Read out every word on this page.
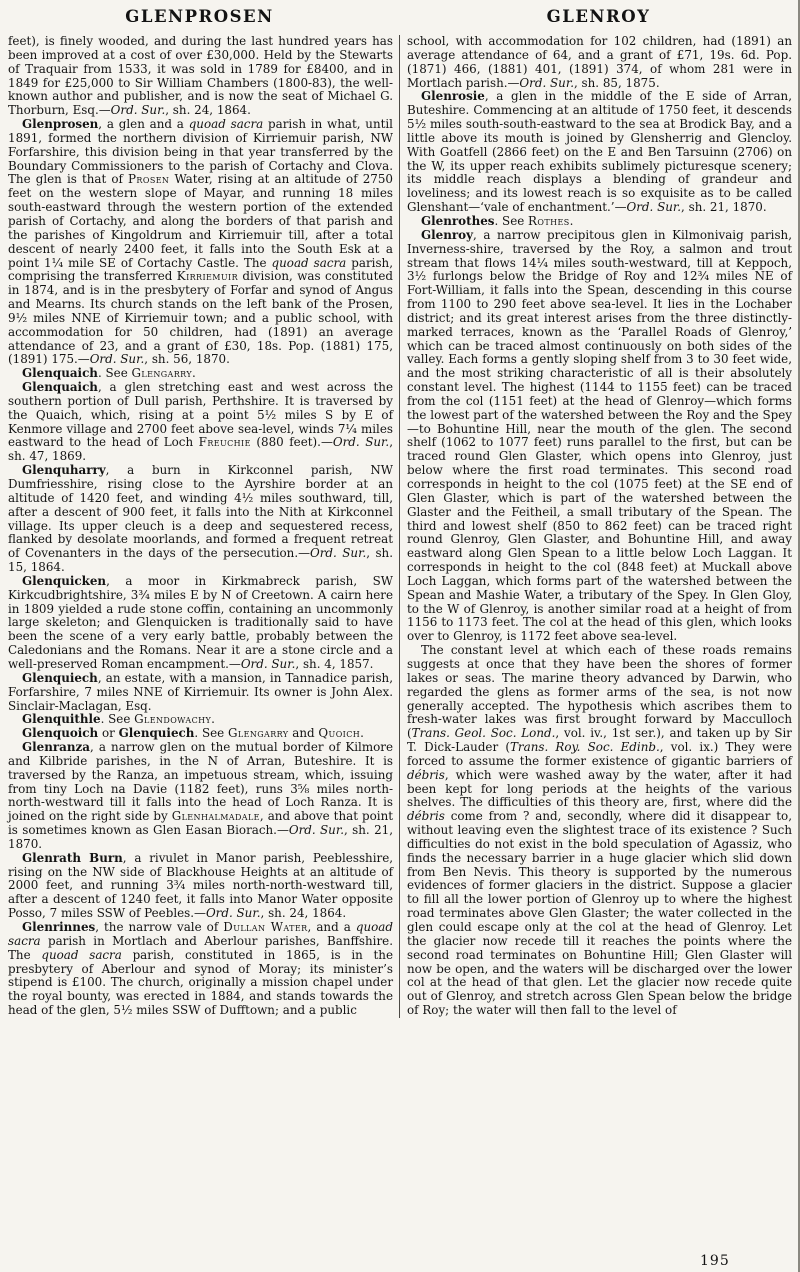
GLENPROSEN	GLENROY

feet), is finely wooded, and during the last hundred years has been improved at a cost of over £30,000. Held by the Stewarts of Traquair from 1533, it was sold in 1789 for £8400, and in 1849 for £25,000 to Sir William Chambers (1800-83), the well-known author and publisher, and is now the seat of Michael G. Thorburn, Esq.—Ord. Sur., sh. 24, 1864.

Glenprosen, a glen and a quoad sacra parish in what, until 1891, formed the northern division of Kirriemuir parish, NW Forfarshire, this division being in that year transferred by the Boundary Commissioners to the parish of Cortachy and Clova. The glen is that of Prosen Water, rising at an altitude of 2750 feet on the western slope of Mayar, and running 18 miles south-eastward through the western portion of the extended parish of Cortachy, and along the borders of that parish and the parishes of Kingoldrum and Kirriemuir till, after a total descent of nearly 2400 feet, it falls into the South Esk at a point 1¼ mile SE of Cortachy Castle. The quoad sacra parish, comprising the transferred Kirriemuir division, was constituted in 1874, and is in the presbytery of Forfar and synod of Angus and Mearns. Its church stands on the left bank of the Prosen, 9½ miles NNE of Kirriemuir town; and a public school, with accommodation for 50 children, had (1891) an average attendance of 23, and a grant of £30, 18s. Pop. (1881) 175, (1891) 175.—Ord. Sur., sh. 56, 1870.

Glenquaich. See Glengarry.

Glenquaich, a glen stretching east and west across the southern portion of Dull parish, Perthshire. It is traversed by the Quaich, which, rising at a point 5½ miles S by E of Kenmore village and 2700 feet above sea-level, winds 7¼ miles eastward to the head of Loch Freuchie (880 feet).—Ord. Sur., sh. 47, 1869.

Glenquharry, a burn in Kirkconnel parish, NW Dumfriesshire, rising close to the Ayrshire border at an altitude of 1420 feet, and winding 4½ miles southward, till, after a descent of 900 feet, it falls into the Nith at Kirkconnel village. Its upper cleuch is a deep and sequestered recess, flanked by desolate moorlands, and formed a frequent retreat of Covenanters in the days of the persecution.—Ord. Sur., sh. 15, 1864.

Glenquicken, a moor in Kirkmabreck parish, SW Kirkcudbrightshire, 3¾ miles E by N of Creetown. A cairn here in 1809 yielded a rude stone coffin, containing an uncommonly large skeleton; and Glenquicken is traditionally said to have been the scene of a very early battle, probably between the Caledonians and the Romans. Near it are a stone circle and a well-preserved Roman encampment.—Ord. Sur., sh. 4, 1857.

Glenquiech, an estate, with a mansion, in Tannadice parish, Forfarshire, 7 miles NNE of Kirriemuir. Its owner is John Alex. Sinclair-Maclagan, Esq.

Glenquithle. See Glendowachy.

Glenquoich or Glenquiech. See Glengarry and Quoich.

Glenranza, a narrow glen on the mutual border of Kilmore and Kilbride parishes, in the N of Arran, Buteshire. It is traversed by the Ranza, an impetuous stream, which, issuing from tiny Loch na Davie (1182 feet), runs 3⅝ miles north-north-westward till it falls into the head of Loch Ranza. It is joined on the right side by Glenhalmadale, and above that point is sometimes known as Glen Easan Biorach.—Ord. Sur., sh. 21, 1870.

Glenrath Burn, a rivulet in Manor parish, Peeblesshire, rising on the NW side of Blackhouse Heights at an altitude of 2000 feet, and running 3¾ miles north-north-westward till, after a descent of 1240 feet, it falls into Manor Water opposite Posso, 7 miles SSW of Peebles.—Ord. Sur., sh. 24, 1864.

Glenrinnes, the narrow vale of Dullan Water, and a quoad sacra parish in Mortlach and Aberlour parishes, Banffshire. The quoad sacra parish, constituted in 1865, is in the presbytery of Aberlour and synod of Moray; its minister’s stipend is £100. The church, originally a mission chapel under the royal bounty, was erected in 1884, and stands towards the head of the glen, 5½ miles SSW of Dufftown; and a public

school, with accommodation for 102 children, had (1891) an average attendance of 64, and a grant of £71, 19s. 6d. Pop. (1871) 466, (1881) 401, (1891) 374, of whom 281 were in Mortlach parish.—Ord. Sur., sh. 85, 1875.

Glenrosie, a glen in the middle of the E side of Arran, Buteshire. Commencing at an altitude of 1750 feet, it descends 5½ miles south-south-eastward to the sea at Brodick Bay, and a little above its mouth is joined by Glensherrig and Glencloy. With Goatfell (2866 feet) on the E and Ben Tarsuinn (2706) on the W, its upper reach exhibits sublimely picturesque scenery; its middle reach displays a blending of grandeur and loveliness; and its lowest reach is so exquisite as to be called Glenshant—‘vale of enchantment.’—Ord. Sur., sh. 21, 1870.

Glenrothes. See Rothes.

Glenroy, a narrow precipitous glen in Kilmonivaig parish, Inverness-shire, traversed by the Roy, a salmon and trout stream that flows 14¼ miles south-westward, till at Keppoch, 3½ furlongs below the Bridge of Roy and 12¾ miles NE of Fort-William, it falls into the Spean, descending in this course from 1100 to 290 feet above sea-level. It lies in the Lochaber district; and its great interest arises from the three distinctly-marked terraces, known as the ‘Parallel Roads of Glenroy,’ which can be traced almost continuously on both sides of the valley. Each forms a gently sloping shelf from 3 to 30 feet wide, and the most striking characteristic of all is their absolutely constant level. The highest (1144 to 1155 feet) can be traced from the col (1151 feet) at the head of Glenroy—which forms the lowest part of the watershed between the Roy and the Spey—to Bohuntine Hill, near the mouth of the glen. The second shelf (1062 to 1077 feet) runs parallel to the first, but can be traced round Glen Glaster, which opens into Glenroy, just below where the first road terminates. This second road corresponds in height to the col (1075 feet) at the SE end of Glen Glaster, which is part of the watershed between the Glaster and the Feitheil, a small tributary of the Spean. The third and lowest shelf (850 to 862 feet) can be traced right round Glenroy, Glen Glaster, and Bohuntine Hill, and away eastward along Glen Spean to a little below Loch Laggan. It corresponds in height to the col (848 feet) at Muckall above Loch Laggan, which forms part of the watershed between the Spean and Mashie Water, a tributary of the Spey. In Glen Gloy, to the W of Glenroy, is another similar road at a height of from 1156 to 1173 feet. The col at the head of this glen, which looks over to Glenroy, is 1172 feet above sea-level.

The constant level at which each of these roads remains suggests at once that they have been the shores of former lakes or seas. The marine theory advanced by Darwin, who regarded the glens as former arms of the sea, is not now generally accepted. The hypothesis which ascribes them to fresh-water lakes was first brought forward by Macculloch (Trans. Geol. Soc. Lond., vol. iv., 1st ser.), and taken up by Sir T. Dick-Lauder (Trans. Roy. Soc. Edinb., vol. ix.) They were forced to assume the former existence of gigantic barriers of débris, which were washed away by the water, after it had been kept for long periods at the heights of the various shelves. The difficulties of this theory are, first, where did the débris come from ? and, secondly, where did it disappear to, without leaving even the slightest trace of its existence ? Such difficulties do not exist in the bold speculation of Agassiz, who finds the necessary barrier in a huge glacier which slid down from Ben Nevis. This theory is supported by the numerous evidences of former glaciers in the district. Suppose a glacier to fill all the lower portion of Glenroy up to where the highest road terminates above Glen Glaster; the water collected in the glen could escape only at the col at the head of Glenroy. Let the glacier now recede till it reaches the points where the second road terminates on Bohuntine Hill; Glen Glaster will now be open, and the waters will be discharged over the lower col at the head of that glen. Let the glacier now recede quite out of Glenroy, and stretch across Glen Spean below the bridge of Roy; the water will then fall to the level of

195
